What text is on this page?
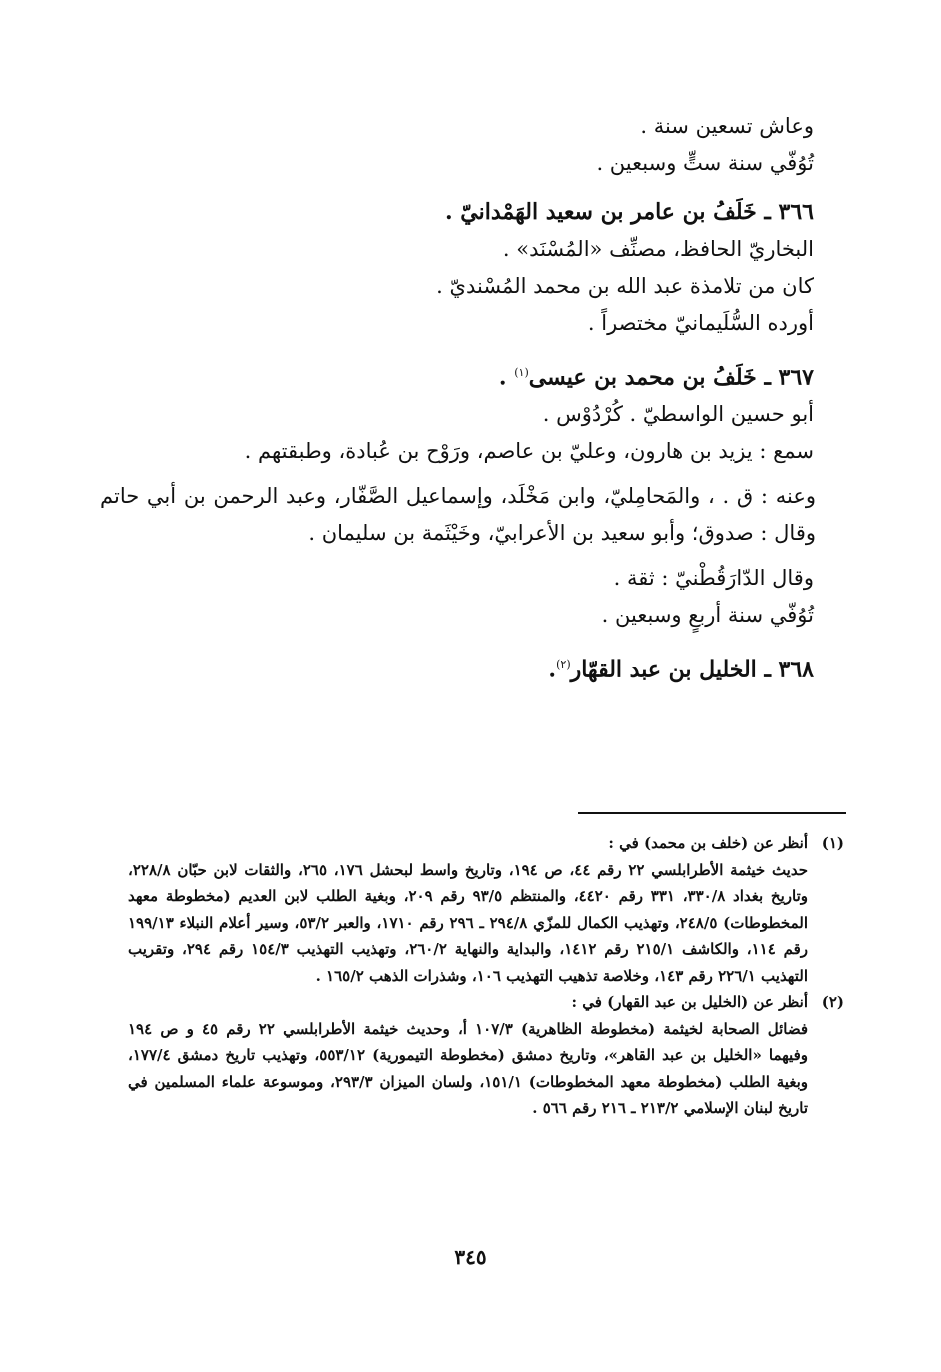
وعاش تسعين سنة .
تُوُفّي سنة ستٍّ وسبعين .
٣٦٦ ـ خَلَفُ بن عامر بن سعيد الهَمْدانيّ .
البخاريّ الحافظ، مصنِّف «المُسْنَد» .
كان من تلامذة عبد الله بن محمد المُسْنديّ .
أورده السُّلَيمانيّ مختصراً .
٣٦٧ ـ خَلَفُ بن محمد بن عيسى$^{(١)}$ .
أبو حسين الواسطيّ . كُرْدُوْس .
سمع : يزيد بن هارون، وعليّ بن عاصم، ورَوْح بن عُبادة، وطبقتهم .
وعنه : ق . ، والمَحامِليّ، وابن مَخْلَد، وإسماعيل الصَّفّار، وعبد الرحمن بن أبي حاتم وقال : صدوق؛ وأبو سعيد بن الأعرابيّ، وخَيْثَمة بن سليمان .
وقال الدّارَقُطْنيّ : ثقة .
تُوُفّي سنة أربعٍ وسبعين .
٣٦٨ ـ الخليل بن عبد القهّار$^{(٢)}$.
(١)أنظر عن (خلف بن محمد) في :
حديث خيثمة الأطرابلسي ٢٢ رقم ٤٤، ص ١٩٤، وتاريخ واسط لبحشل ١٧٦، ٢٦٥، والثقات لابن حبّان ٢٢٨/٨، وتاريخ بغداد ٣٣٠/٨، ٣٣١ رقم ٤٤٢٠، والمنتظم ٩٣/٥ رقم ٢٠٩، وبغية الطلب لابن العديم (مخطوطة معهد المخطوطات) ٢٤٨/٥، وتهذيب الكمال للمزّي ٢٩٤/٨ ـ ٢٩٦ رقم ١٧١٠، والعبر ٥٣/٢، وسير أعلام النبلاء ١٩٩/١٣ رقم ١١٤، والكاشف ٢١٥/١ رقم ١٤١٢، والبداية والنهاية ٢٦٠/٢، وتهذيب التهذيب ١٥٤/٣ رقم ٢٩٤، وتقريب التهذيب ٢٢٦/١ رقم ١٤٣، وخلاصة تذهيب التهذيب ١٠٦، وشذرات الذهب ١٦٥/٢ .
(٢)أنظر عن (الخليل بن عبد القهار) في :
فضائل الصحابة لخيثمة (مخطوطة الظاهرية) ١٠٧/٣ أ، وحديث خيثمة الأطرابلسي ٢٢ رقم ٤٥ و ص ١٩٤ وفيهما «الخليل بن عبد القاهر»، وتاريخ دمشق (مخطوطة التيمورية) ٥٥٣/١٢، وتهذيب تاريخ دمشق ١٧٧/٤، وبغية الطلب (مخطوطة معهد المخطوطات) ١٥١/١، ولسان الميزان ٢٩٣/٣، وموسوعة علماء المسلمين في تاريخ لبنان الإسلامي ٢١٣/٢ ـ ٢١٦ رقم ٥٦٦ .
٣٤٥
